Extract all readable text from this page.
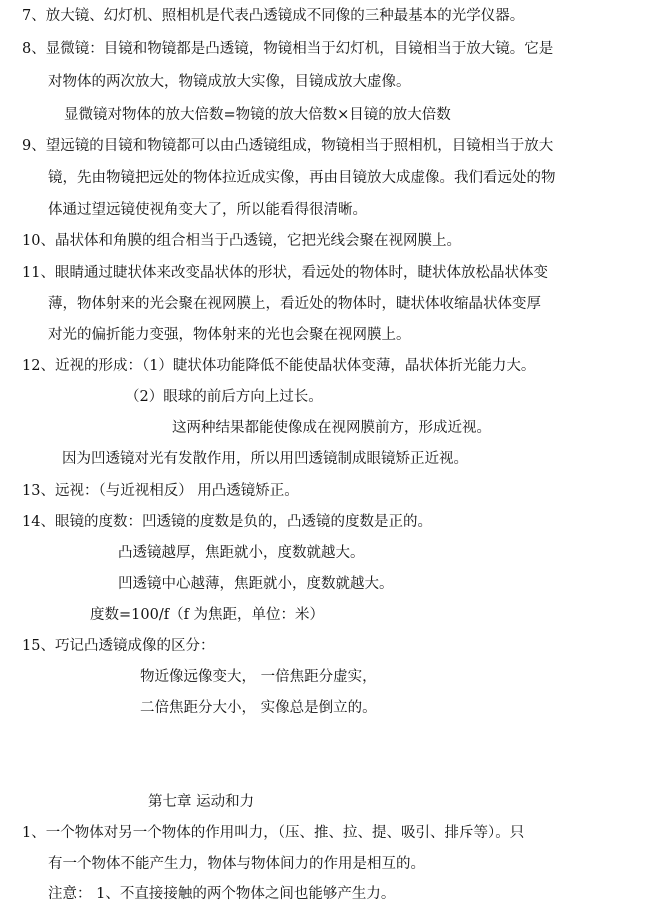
7、放大镜、幻灯机、照相机是代表凸透镜成不同像的三种最基本的光学仪器。
8、显微镜：目镜和物镜都是凸透镜，物镜相当于幻灯机，目镜相当于放大镜。它是
对物体的两次放大，物镜成放大实像，目镜成放大虚像。
显微镜对物体的放大倍数=物镜的放大倍数×目镜的放大倍数
9、望远镜的目镜和物镜都可以由凸透镜组成，物镜相当于照相机，目镜相当于放大
镜，先由物镜把远处的物体拉近成实像，再由目镜放大成虚像。我们看远处的物
体通过望远镜使视角变大了，所以能看得很清晰。
10、晶状体和角膜的组合相当于凸透镜，它把光线会聚在视网膜上。
11、眼睛通过睫状体来改变晶状体的形状，看远处的物体时，睫状体放松晶状体变
薄，物体射来的光会聚在视网膜上，看近处的物体时，睫状体收缩晶状体变厚
对光的偏折能力变强，物体射来的光也会聚在视网膜上。
12、近视的形成：（1）睫状体功能降低不能使晶状体变薄，晶状体折光能力大。
（2）眼球的前后方向上过长。
这两种结果都能使像成在视网膜前方，形成近视。
因为凹透镜对光有发散作用，所以用凹透镜制成眼镜矫正近视。
13、远视：（与近视相反） 用凸透镜矫正。
14、眼镜的度数：凹透镜的度数是负的，凸透镜的度数是正的。
凸透镜越厚，焦距就小，度数就越大。
凹透镜中心越薄，焦距就小，度数就越大。
度数=100/f（f 为焦距，单位：米）
15、巧记凸透镜成像的区分：
物近像远像变大， 一倍焦距分虚实，
二倍焦距分大小， 实像总是倒立的。
第七章 运动和力
1、一个物体对另一个物体的作用叫力，（压、推、拉、提、吸引、排斥等）。只
有一个物体不能产生力，物体与物体间力的作用是相互的。
注意： 1、不直接接触的两个物体之间也能够产生力。
